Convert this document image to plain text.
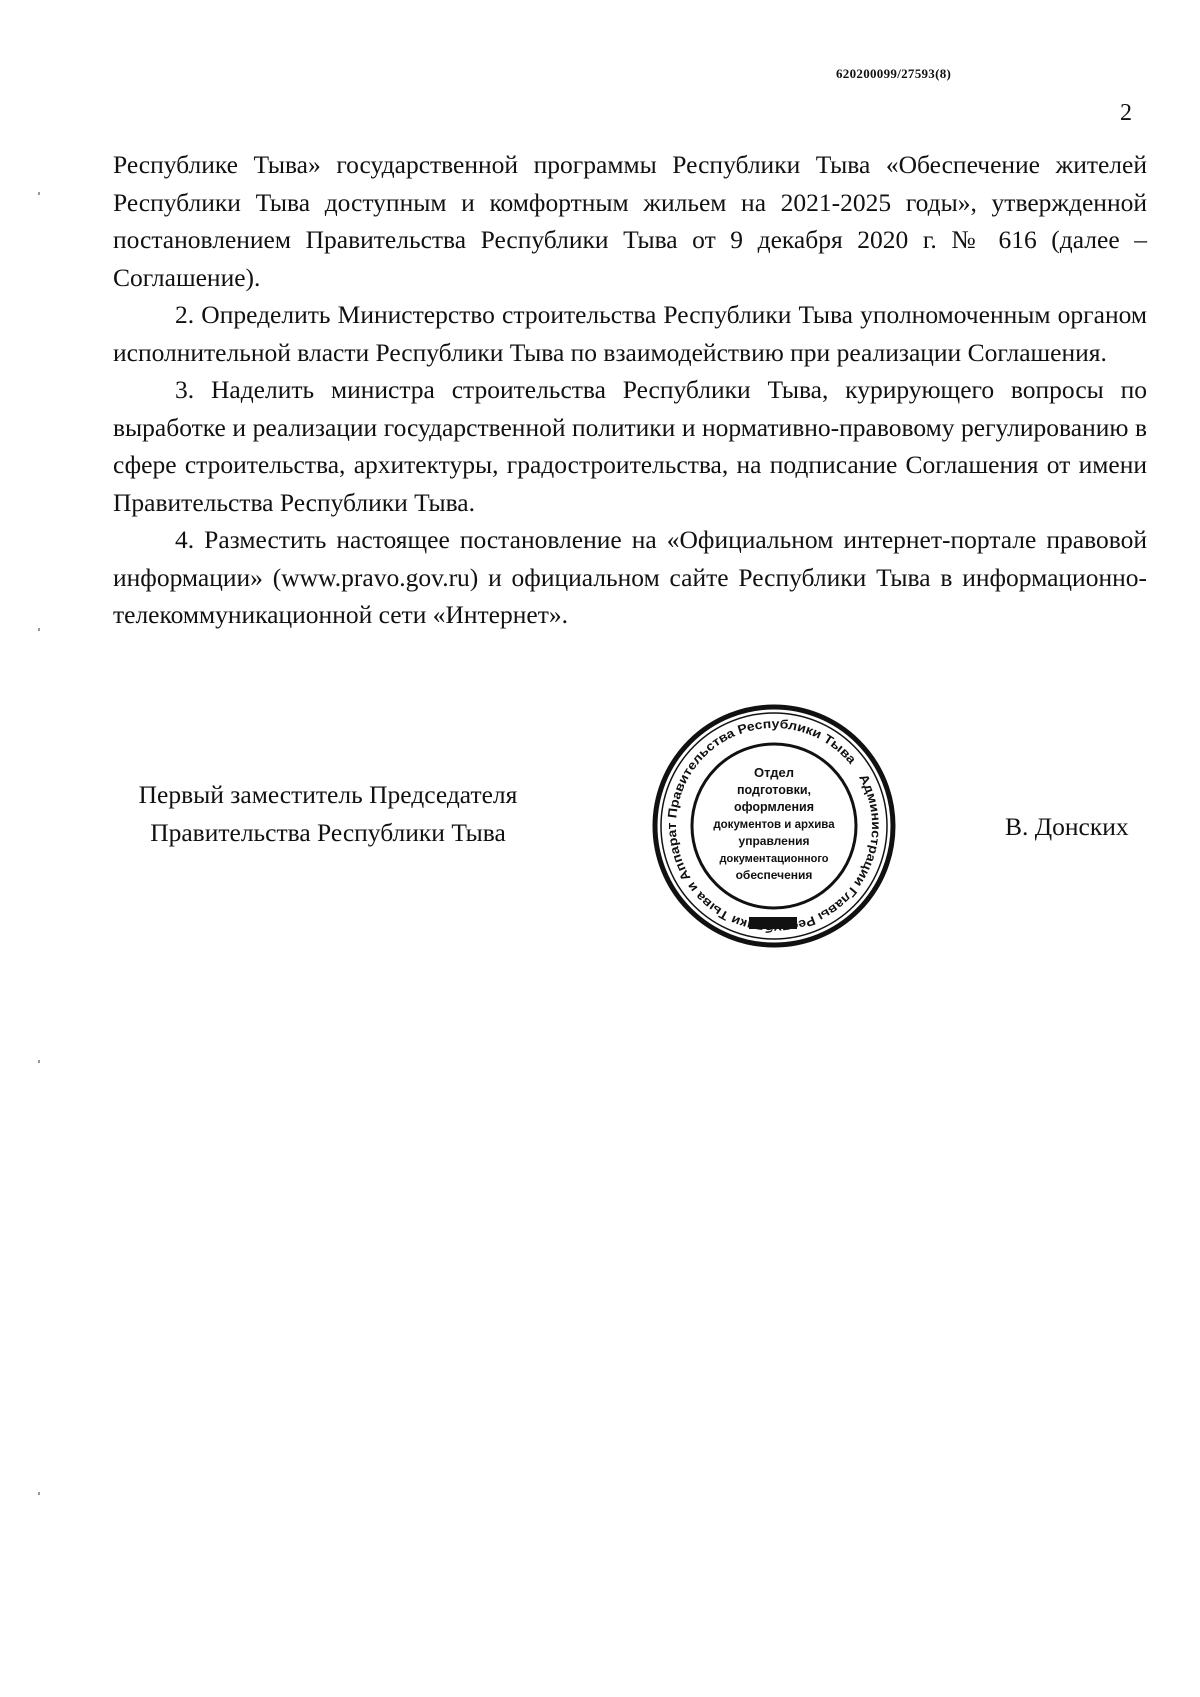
620200099/27593(8)
2

Республике Тыва» государственной программы Республики Тыва «Обеспечение жителей Республики Тыва доступным и комфортным жильем на 2021-2025 годы», утвержденной постановлением Правительства Республики Тыва от 9 декабря 2020 г. № 616 (далее – Соглашение).

2. Определить Министерство строительства Республики Тыва уполномоченным органом исполнительной власти Республики Тыва по взаимодействию при реализации Соглашения.

3. Наделить министра строительства Республики Тыва, курирующего вопросы по выработке и реализации государственной политики и нормативно-правовому регулированию в сфере строительства, архитектуры, градостроительства, на подписание Соглашения от имени Правительства Республики Тыва.

4. Разместить настоящее постановление на «Официальном интернет-портале правовой информации» (www.pravo.gov.ru) и официальном сайте Республики Тыва в информационно-телекоммуникационной сети «Интернет».

Первый заместитель Председателя
Правительства Республики Тыва
Администрации Главы Ре ки Тыва и Аппарат Правительства Республики Тыва
Отдел
подготовки,
оформления
документов и архива
управления
документационного
обеспечения
В. Донских
